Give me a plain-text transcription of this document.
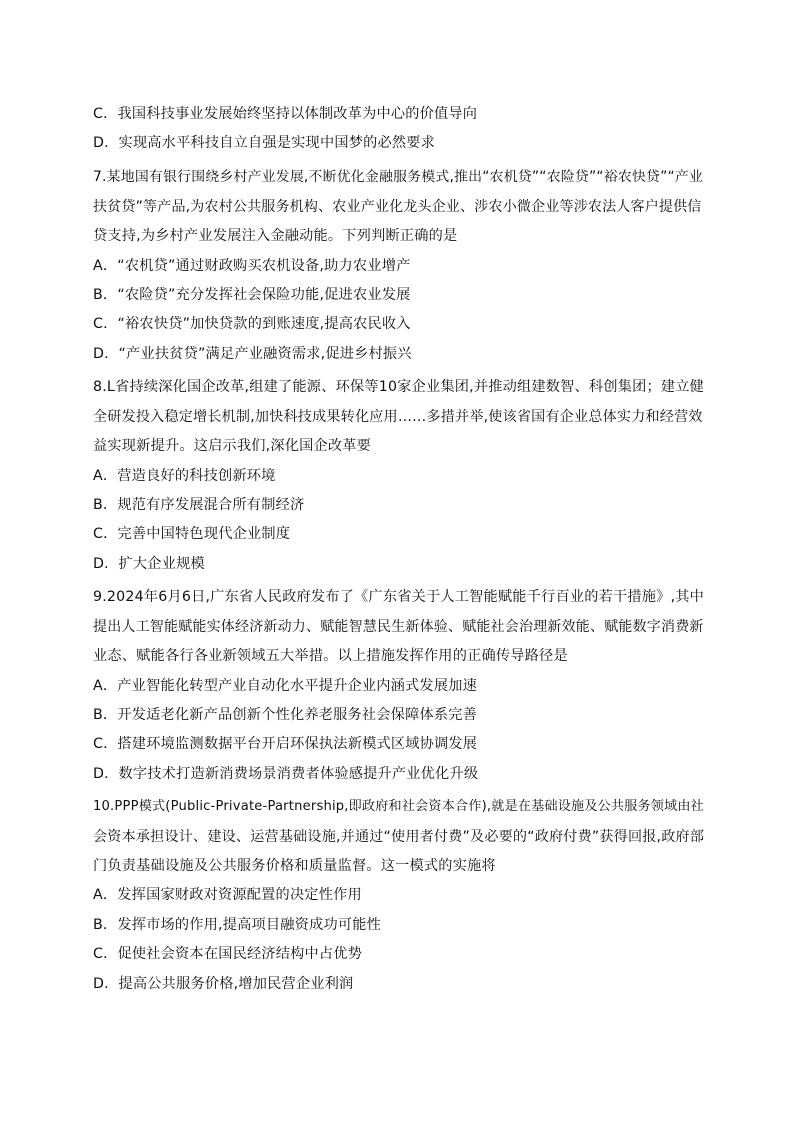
C．我国科技事业发展始终坚持以体制改革为中心的价值导向
D．实现高水平科技自立自强是实现中国梦的必然要求
7.某地国有银行围绕乡村产业发展,不断优化金融服务模式,推出“农机贷”“农险贷”“裕农快贷”“产业
扶贫贷”等产品,为农村公共服务机构、农业产业化龙头企业、涉农小微企业等涉农法人客户提供信
贷支持,为乡村产业发展注入金融动能。下列判断正确的是
A．“农机贷”通过财政购买农机设备,助力农业增产
B．“农险贷”充分发挥社会保险功能,促进农业发展
C．“裕农快贷”加快贷款的到账速度,提高农民收入
D．“产业扶贫贷”满足产业融资需求,促进乡村振兴
8.L省持续深化国企改革,组建了能源、环保等10家企业集团,并推动组建数智、科创集团；建立健
全研发投入稳定增长机制,加快科技成果转化应用……多措并举,使该省国有企业总体实力和经营效
益实现新提升。这启示我们,深化国企改革要
A．营造良好的科技创新环境
B．规范有序发展混合所有制经济
C．完善中国特色现代企业制度
D．扩大企业规模
9.2024年6月6日,广东省人民政府发布了《广东省关于人工智能赋能千行百业的若干措施》,其中
提出人工智能赋能实体经济新动力、赋能智慧民生新体验、赋能社会治理新效能、赋能数字消费新
业态、赋能各行各业新领域五大举措。以上措施发挥作用的正确传导路径是
A．产业智能化转型产业自动化水平提升企业内涵式发展加速
B．开发适老化新产品创新个性化养老服务社会保障体系完善
C．搭建环境监测数据平台开启环保执法新模式区域协调发展
D．数字技术打造新消费场景消费者体验感提升产业优化升级
10.PPP模式(Public-Private-Partnership,即政府和社会资本合作),就是在基础设施及公共服务领域由社
会资本承担设计、建设、运营基础设施,并通过“使用者付费”及必要的“政府付费”获得回报,政府部
门负责基础设施及公共服务价格和质量监督。这一模式的实施将
A．发挥国家财政对资源配置的决定性作用
B．发挥市场的作用,提高项目融资成功可能性
C．促使社会资本在国民经济结构中占优势
D．提高公共服务价格,增加民营企业利润
